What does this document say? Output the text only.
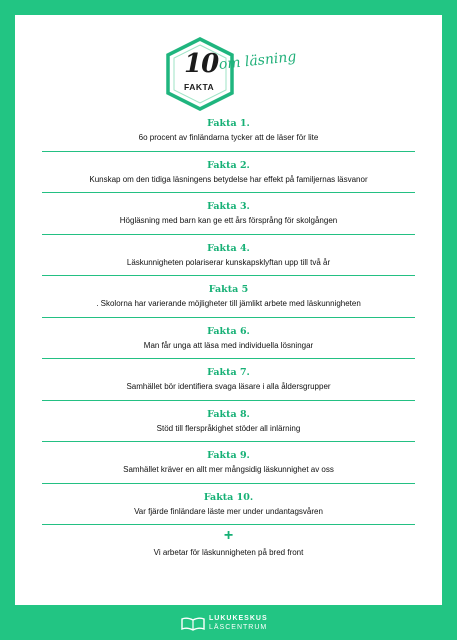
10
FAKTA
om läsning
Fakta 1.
6o procent av finländarna tycker att de läser för lite
Fakta 2.
Kunskap om den tidiga läsningens betydelse har effekt på familjernas läsvanor
Fakta 3.
Högläsning med barn kan ge ett års försprång för skolgången
Fakta 4.
Läskunnigheten polariserar kunskapsklyftan upp till två år
Fakta 5
. Skolorna har varierande möjligheter till jämlikt arbete med läskunnigheten
Fakta 6.
Man får unga att läsa med individuella lösningar
Fakta 7.
Samhället bör identifiera svaga läsare i alla åldersgrupper
Fakta 8.
Stöd till flerspråkighet stöder all inlärning
Fakta 9.
Samhället kräver en allt mer mångsidig läskunnighet av oss
Fakta 10.
Var fjärde finländare läste mer under undantagsvåren
+
Vi arbetar för läskunnigheten på bred front
LUKUKESKUS
LÄSCENTRUM
